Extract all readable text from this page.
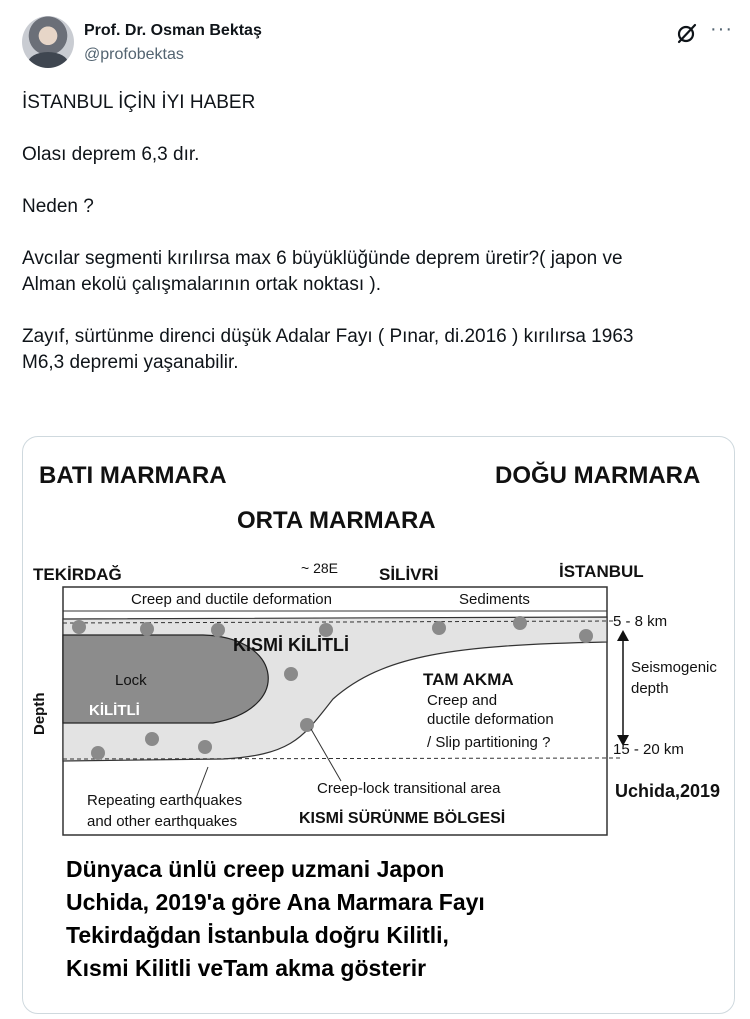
Prof. Dr. Osman Bektaş
@profobektas
···

İSTANBUL İÇİN İYI HABER

Olası deprem 6,3 dır.

Neden ?

Avcılar segmenti kırılırsa max 6 büyüklüğünde deprem üretir?( japon ve

Alman ekolü çalışmalarının ortak noktası ).

Zayıf, sürtünme direnci düşük Adalar Fayı ( Pınar, di.2016 ) kırılırsa 1963

M6,3 depremi yaşanabilir.

BATI MARMARA	DOĞU MARMARA
ORTA MARMARA
TEKİRDAĞ	~ 28E SİLİVRİ	İSTANBUL
Creep and ductile deformation	Sediments
5 - 8 km
KISMİ KİLİTLİ
Lock
KİLİTLİ
TAM AKMA
Creep and
ductile deformation
/ Slip partitioning ?
Seismogenic
depth
15 - 20 km
Depth
Repeating earthquakes
and other earthquakes
Creep-lock transitional area
KISMİ SÜRÜNME BÖLGESİ
Uchida,2019
Dünyaca ünlü creep uzmani Japon
Uchida, 2019'a göre Ana Marmara Fayı
Tekirdağdan İstanbula doğru Kilitli,
Kısmi Kilitli veTam akma gösterir
